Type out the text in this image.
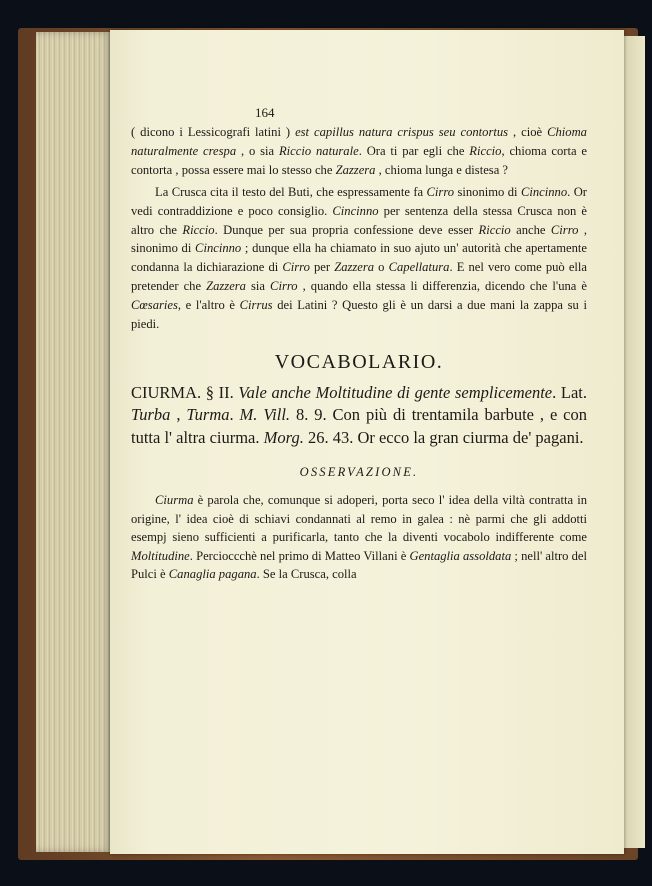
164

( dicono i Lessicografi latini ) est capillus natura crispus seu contortus , cioè Chioma naturalmente crespa , o sia Riccio naturale. Ora ti par egli che Riccio, chioma corta e contorta , possa essere mai lo stesso che Zazzera , chioma lunga e distesa ?

La Crusca cita il testo del Buti, che espressamente fa Cirro sinonimo di Cincinno. Or vedi contraddizione e poco consiglio. Cincinno per sentenza della stessa Crusca non è altro che Riccio. Dunque per sua propria confessione deve esser Riccio anche Cirro , sinonimo di Cincinno ; dunque ella ha chiamato in suo ajuto un' autorità che apertamente condanna la dichiarazione di Cirro per Zazzera o Capellatura. E nel vero come può ella pretender che Zazzera sia Cirro , quando ella stessa li differenzia, dicendo che l'una è Cœsaries, e l'altro è Cirrus dei Latini ? Questo gli è un darsi a due mani la zappa su i piedi.

VOCABOLARIO.

CIURMA. § II. Vale anche Moltitudine di gente semplicemente. Lat. Turba , Turma. M. Vill. 8. 9. Con più di trentamila barbute , e con tutta l' altra ciurma. Morg. 26. 43. Or ecco la gran ciurma de' pagani.

OSSERVAZIONE.

Ciurma è parola che, comunque si adoperi, porta seco l' idea della viltà contratta in origine, l' idea cioè di schiavi condannati al remo in galea : nè parmi che gli addotti esempj sieno sufficienti a purificarla, tanto che la diventi vocabolo indifferente come Moltitudine. Percioccchè nel primo di Matteo Villani è Gentaglia assoldata ; nell' altro del Pulci è Canaglia pagana. Se la Crusca, colla
